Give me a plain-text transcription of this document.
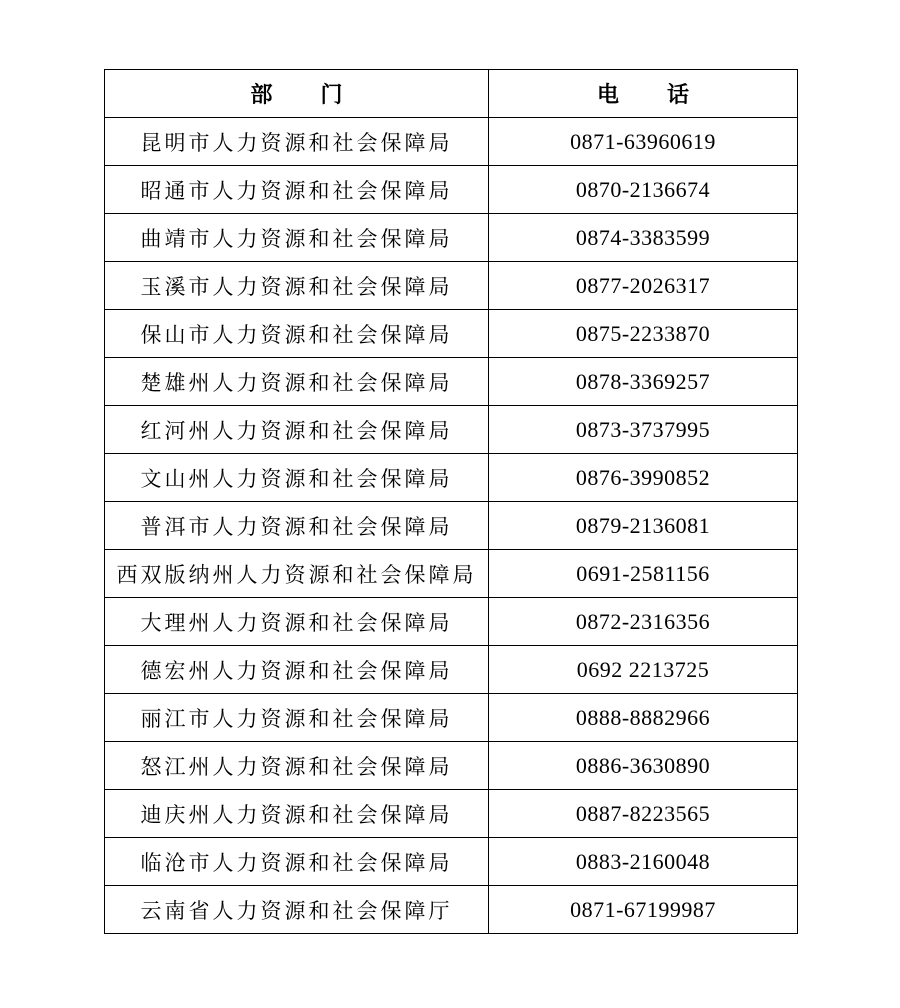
部门	电话
昆明市人力资源和社会保障局	0871-63960619
昭通市人力资源和社会保障局	0870-2136674
曲靖市人力资源和社会保障局	0874-3383599
玉溪市人力资源和社会保障局	0877-2026317
保山市人力资源和社会保障局	0875-2233870
楚雄州人力资源和社会保障局	0878-3369257
红河州人力资源和社会保障局	0873-3737995
文山州人力资源和社会保障局	0876-3990852
普洱市人力资源和社会保障局	0879-2136081
西双版纳州人力资源和社会保障局	0691-2581156
大理州人力资源和社会保障局	0872-2316356
德宏州人力资源和社会保障局	0692 2213725
丽江市人力资源和社会保障局	0888-8882966
怒江州人力资源和社会保障局	0886-3630890
迪庆州人力资源和社会保障局	0887-8223565
临沧市人力资源和社会保障局	0883-2160048
云南省人力资源和社会保障厅	0871-67199987
